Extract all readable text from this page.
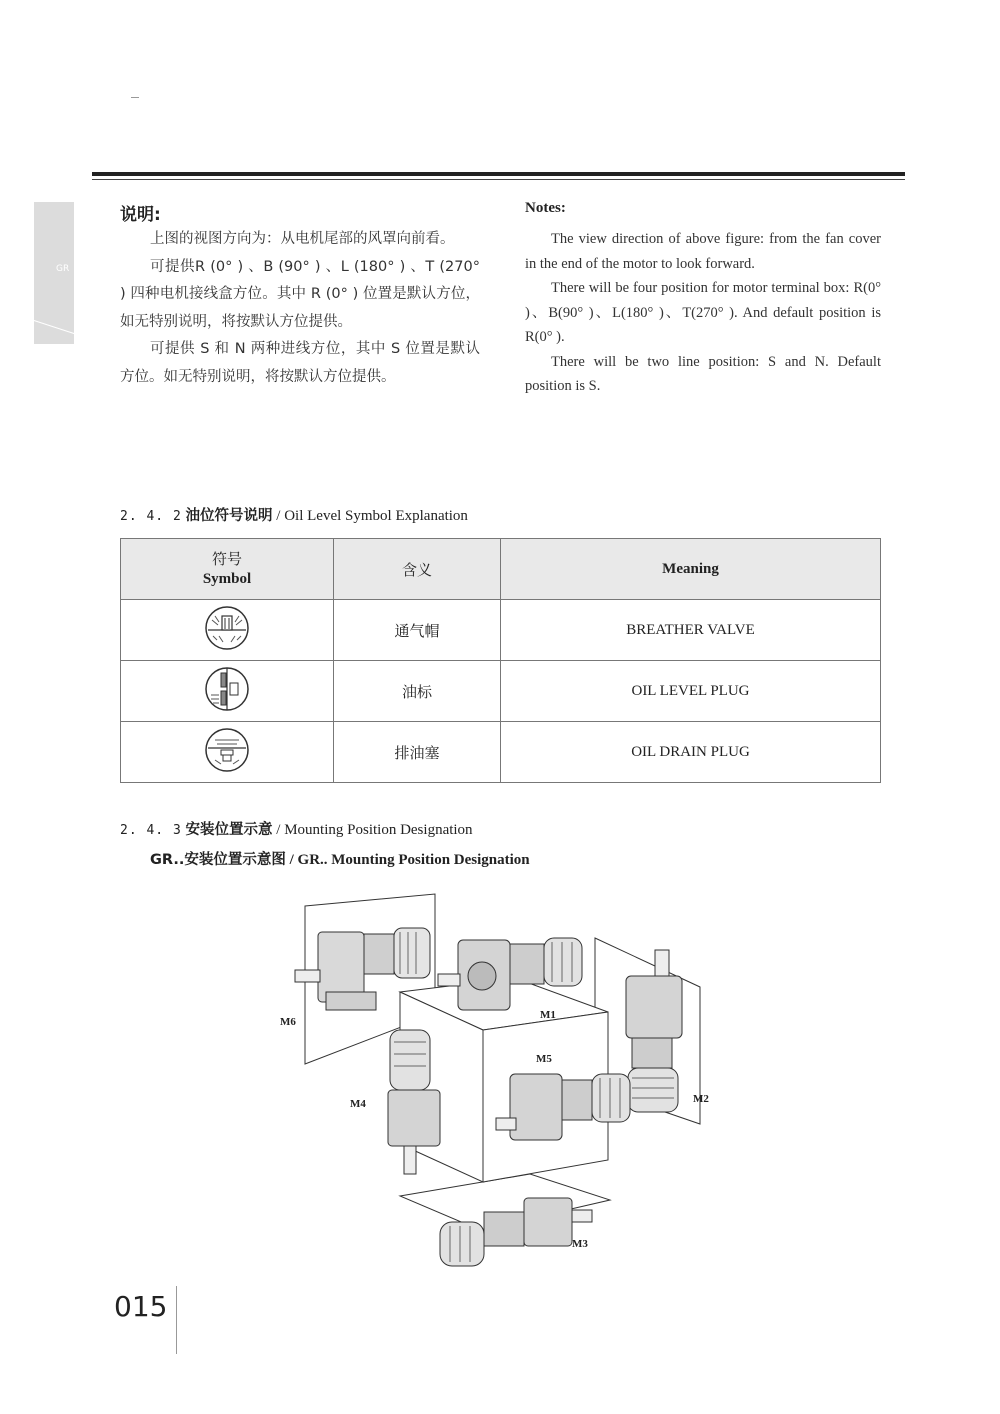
GR
说明:

上图的视图方向为：从电机尾部的风罩向前看。

可提供R (0° ) 、B (90° ) 、L (180° ) 、T (270° ) 四种电机接线盒方位。其中 R (0° ) 位置是默认方位，如无特别说明，将按默认方位提供。

可提供 S 和 N 两种进线方位，其中 S 位置是默认方位。如无特别说明，将按默认方位提供。

Notes:

The view direction of above figure: from the fan cover in the end of the motor to look forward.

There will be four position for motor terminal box: R(0° )、B(90° )、L(180° )、T(270° ). And default position is R(0° ).

There will be two line position: S and N. Default position is S.

2. 4. 2 油位符号说明 / Oil Level Symbol Explanation
符号
Symbol	含义	Meaning
	通气帽	BREATHER VALVE
	油标	OIL LEVEL PLUG
	排油塞	OIL DRAIN PLUG
2. 4. 3 安装位置示意 / Mounting Position Designation
GR..安装位置示意图 / GR.. Mounting Position Designation
M6
M1
M5
M2
M4
M3
015
